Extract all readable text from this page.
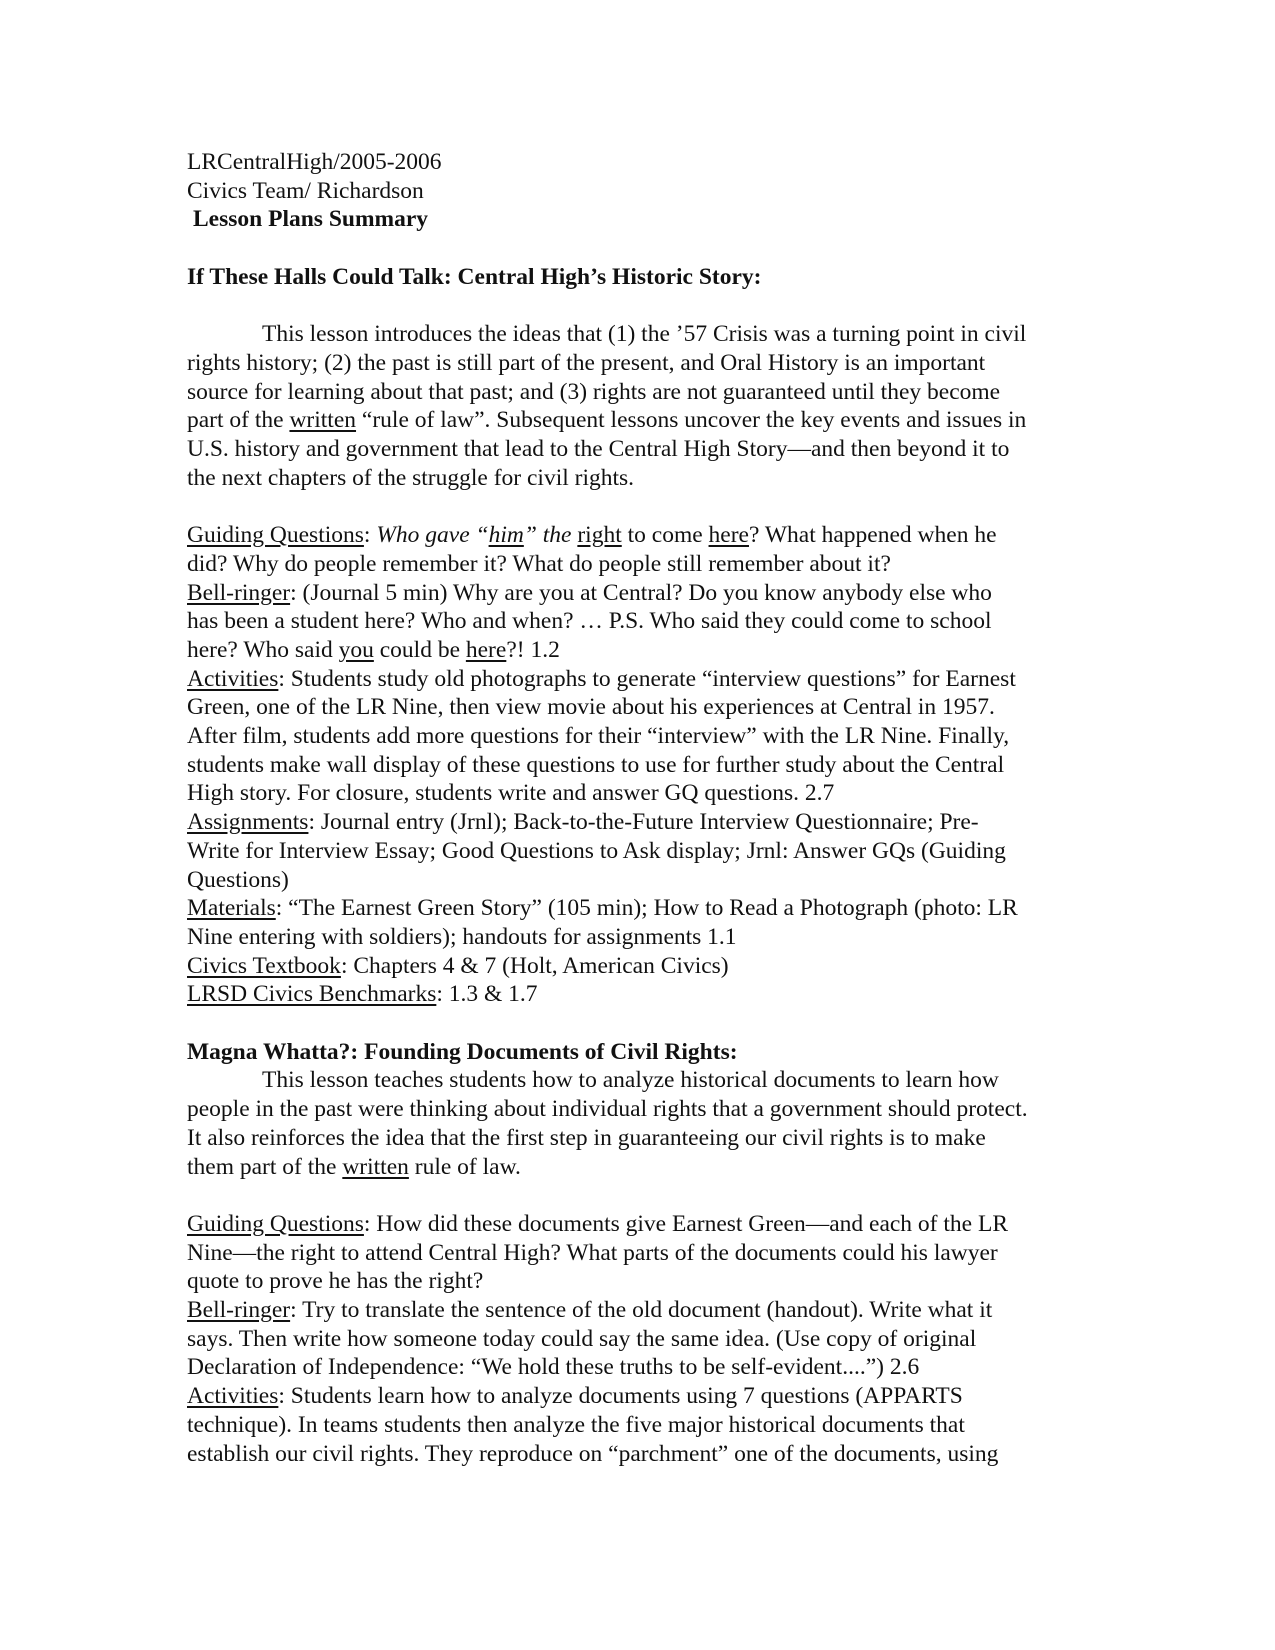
LRCentralHigh/2005-2006
Civics Team/ Richardson
Lesson Plans Summary
If These Halls Could Talk: Central High’s Historic Story:
This lesson introduces the ideas that (1) the ’57 Crisis was a turning point in civil
rights history; (2) the past is still part of the present, and Oral History is an important
source for learning about that past; and (3) rights are not guaranteed until they become
part of the written “rule of law”. Subsequent lessons uncover the key events and issues in
U.S. history and government that lead to the Central High Story—and then beyond it to
the next chapters of the struggle for civil rights.
Guiding Questions: Who gave “him” the right to come here? What happened when he
did? Why do people remember it? What do people still remember about it?
Bell-ringer: (Journal 5 min) Why are you at Central? Do you know anybody else who
has been a student here? Who and when? … P.S. Who said they could come to school
here? Who said you could be here?! 1.2
Activities: Students study old photographs to generate “interview questions” for Earnest
Green, one of the LR Nine, then view movie about his experiences at Central in 1957.
After film, students add more questions for their “interview” with the LR Nine. Finally,
students make wall display of these questions to use for further study about the Central
High story. For closure, students write and answer GQ questions. 2.7
Assignments: Journal entry (Jrnl); Back-to-the-Future Interview Questionnaire; Pre-
Write for Interview Essay; Good Questions to Ask display; Jrnl: Answer GQs (Guiding
Questions)
Materials: “The Earnest Green Story” (105 min); How to Read a Photograph (photo: LR
Nine entering with soldiers); handouts for assignments 1.1
Civics Textbook: Chapters 4 & 7 (Holt, American Civics)
LRSD Civics Benchmarks: 1.3 & 1.7
Magna Whatta?: Founding Documents of Civil Rights:
This lesson teaches students how to analyze historical documents to learn how
people in the past were thinking about individual rights that a government should protect.
It also reinforces the idea that the first step in guaranteeing our civil rights is to make
them part of the written rule of law.
Guiding Questions: How did these documents give Earnest Green—and each of the LR
Nine—the right to attend Central High? What parts of the documents could his lawyer
quote to prove he has the right?
Bell-ringer: Try to translate the sentence of the old document (handout). Write what it
says. Then write how someone today could say the same idea. (Use copy of original
Declaration of Independence: “We hold these truths to be self-evident....”) 2.6
Activities: Students learn how to analyze documents using 7 questions (APPARTS
technique). In teams students then analyze the five major historical documents that
establish our civil rights. They reproduce on “parchment” one of the documents, using
